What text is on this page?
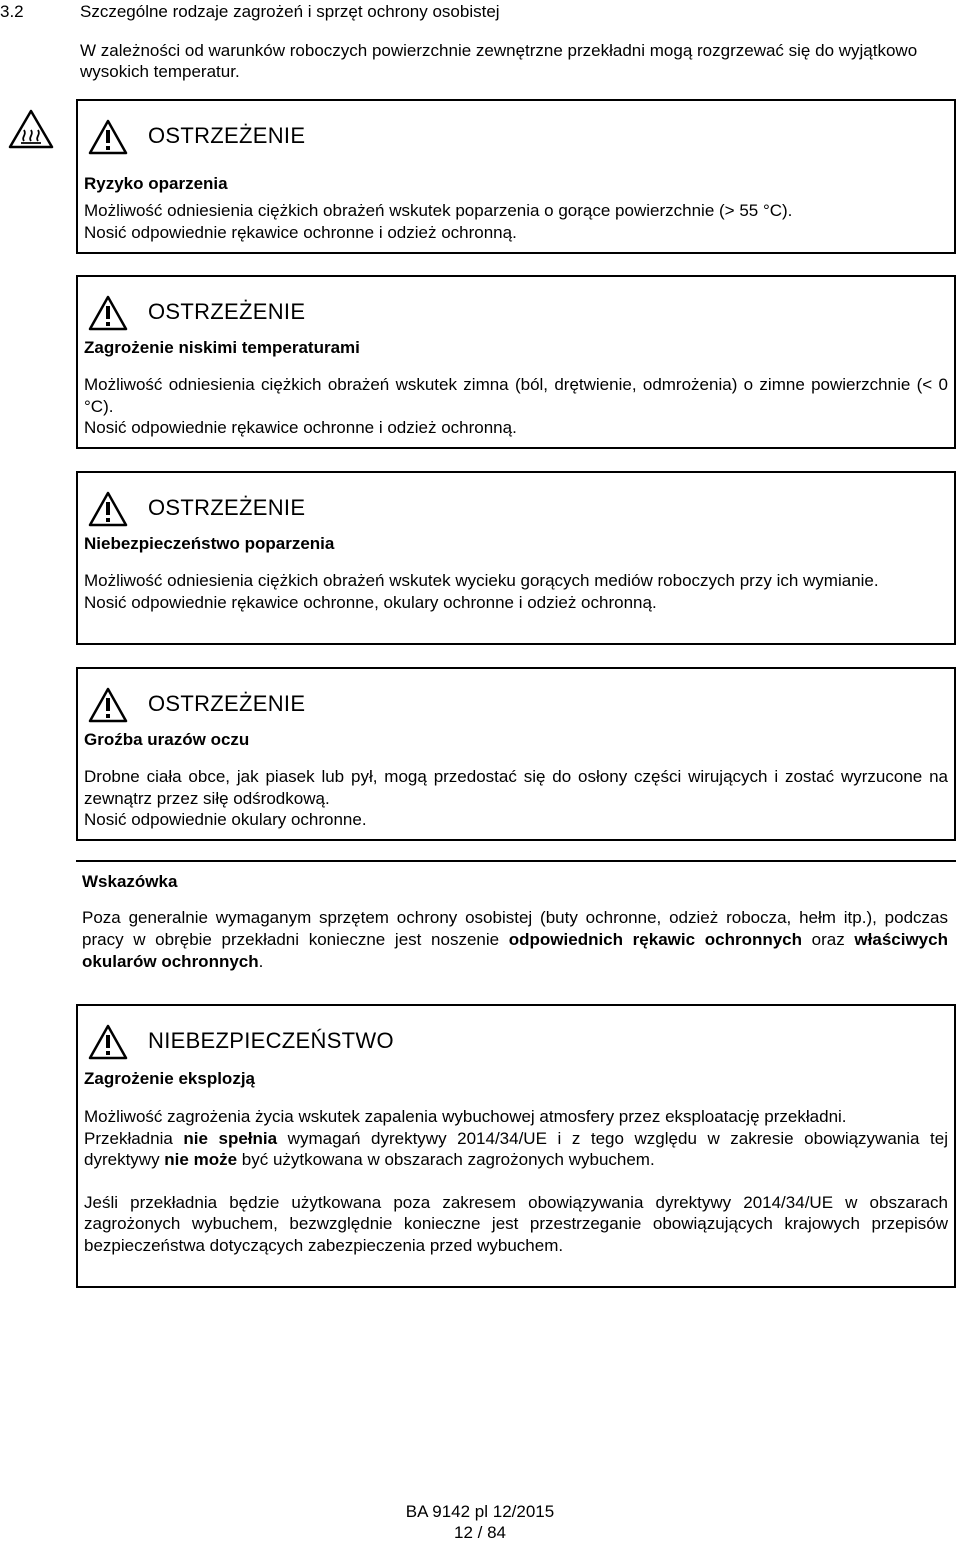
3.2	Szczególne rodzaje zagrożeń i sprzęt ochrony osobistej
W zależności od warunków roboczych powierzchnie zewnętrzne przekładni mogą rozgrzewać się do wyjątkowo wysokich temperatur.
OSTRZEŻENIE
Ryzyko oparzenia

Możliwość odniesienia ciężkich obrażeń wskutek poparzenia o gorące powierzchnie (> 55 °C).

Nosić odpowiednie rękawice ochronne i odzież ochronną.

OSTRZEŻENIE
Zagrożenie niskimi temperaturami

Możliwość odniesienia ciężkich obrażeń wskutek zimna (ból, drętwienie, odmrożenia) o zimne powierzchnie (< 0 °C).

Nosić odpowiednie rękawice ochronne i odzież ochronną.

OSTRZEŻENIE
Niebezpieczeństwo poparzenia

Możliwość odniesienia ciężkich obrażeń wskutek wycieku gorących mediów roboczych przy ich wymianie.

Nosić odpowiednie rękawice ochronne, okulary ochronne i odzież ochronną.

OSTRZEŻENIE
Groźba urazów oczu

Drobne ciała obce, jak piasek lub pył, mogą przedostać się do osłony części wirujących i zostać wyrzucone na zewnątrz przez siłę odśrodkową.

Nosić odpowiednie okulary ochronne.

Wskazówka
Poza generalnie wymaganym sprzętem ochrony osobistej (buty ochronne, odzież robocza, hełm itp.), podczas pracy w obrębie przekładni konieczne jest noszenie odpowiednich rękawic ochronnych oraz właściwych okularów ochronnych.
NIEBEZPIECZEŃSTWO
Zagrożenie eksplozją

Możliwość zagrożenia życia wskutek zapalenia wybuchowej atmosfery przez eksploatację przekładni.

Przekładnia nie spełnia wymagań dyrektywy 2014/34/UE i z tego względu w zakresie obowiązywania tej dyrektywy nie może być użytkowana w obszarach zagrożonych wybuchem.

Jeśli przekładnia będzie użytkowana poza zakresem obowiązywania dyrektywy 2014/34/UE w obszarach zagrożonych wybuchem, bezwzględnie konieczne jest przestrzeganie obowiązujących krajowych przepisów bezpieczeństwa dotyczących zabezpieczenia przed wybuchem.

BA 9142 pl 12/2015
12 / 84
